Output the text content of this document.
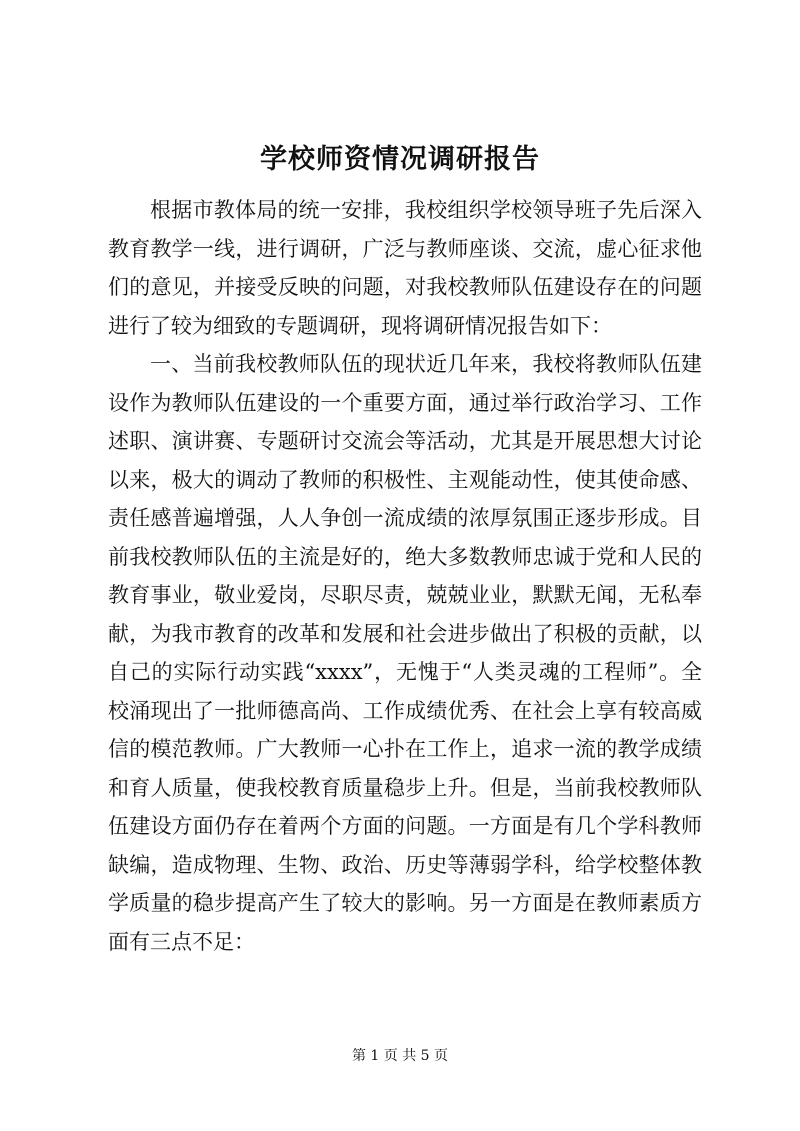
学校师资情况调研报告

根据市教体局的统一安排，我校组织学校领导班子先后深入教育教学一线，进行调研，广泛与教师座谈、交流，虚心征求他们的意见，并接受反映的问题，对我校教师队伍建设存在的问题进行了较为细致的专题调研，现将调研情况报告如下：

一、当前我校教师队伍的现状近几年来，我校将教师队伍建设作为教师队伍建设的一个重要方面，通过举行政治学习、工作述职、演讲赛、专题研讨交流会等活动，尤其是开展思想大讨论以来，极大的调动了教师的积极性、主观能动性，使其使命感、责任感普遍增强，人人争创一流成绩的浓厚氛围正逐步形成。目前我校教师队伍的主流是好的，绝大多数教师忠诚于党和人民的教育事业，敬业爱岗，尽职尽责，兢兢业业，默默无闻，无私奉献，为我市教育的改革和发展和社会进步做出了积极的贡献，以自己的实际行动实践“xxxx”，无愧于“人类灵魂的工程师”。全校涌现出了一批师德高尚、工作成绩优秀、在社会上享有较高威信的模范教师。广大教师一心扑在工作上，追求一流的教学成绩和育人质量，使我校教育质量稳步上升。但是，当前我校教师队伍建设方面仍存在着两个方面的问题。一方面是有几个学科教师缺编，造成物理、生物、政治、历史等薄弱学科，给学校整体教学质量的稳步提高产生了较大的影响。另一方面是在教师素质方面有三点不足：

第 1 页 共 5 页
